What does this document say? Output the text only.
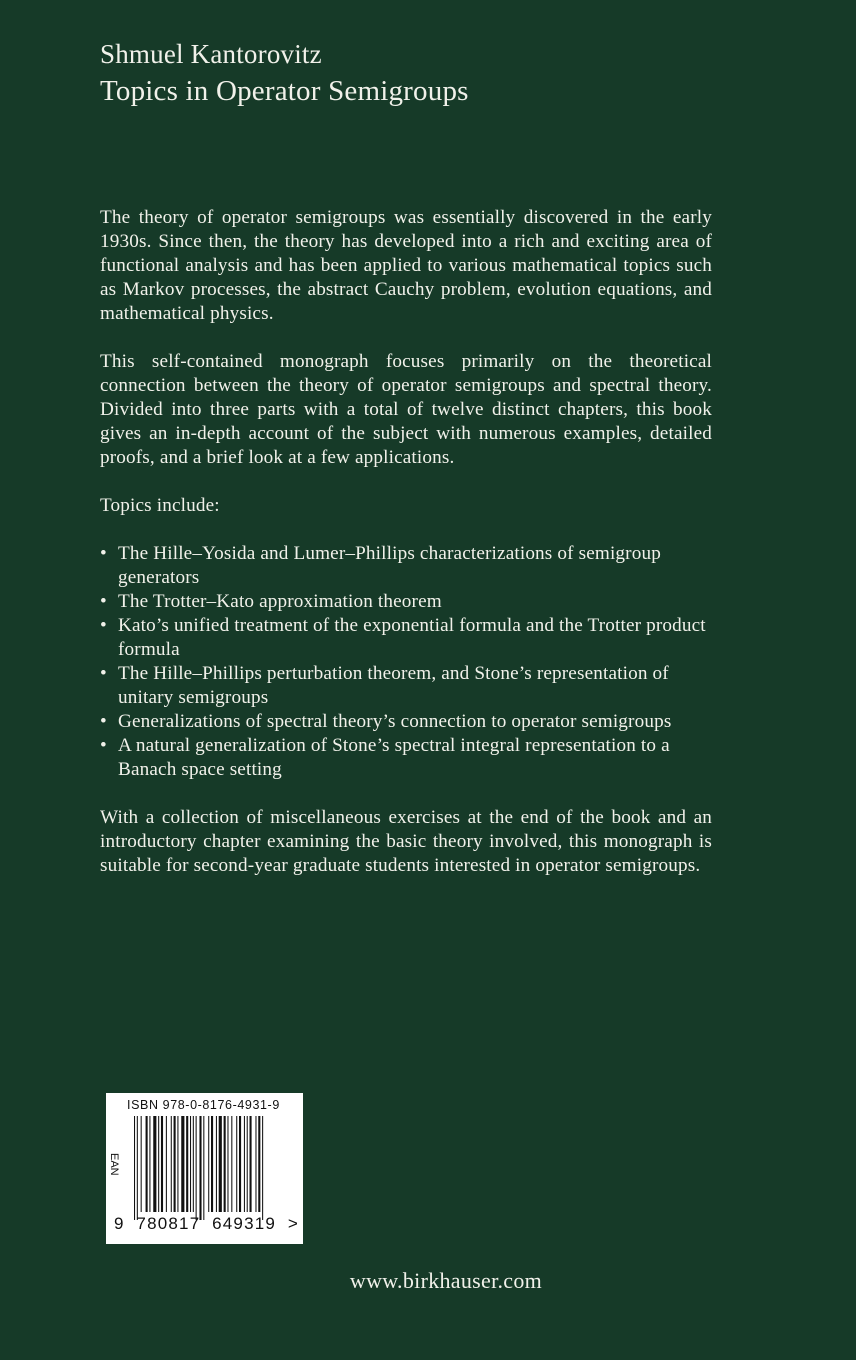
Shmuel Kantorovitz
Topics in Operator Semigroups

The theory of operator semigroups was essentially discovered in the early 1930s. Since then, the theory has developed into a rich and exciting area of functional analysis and has been applied to various mathematical topics such as Markov processes, the abstract Cauchy problem, evolution equations, and mathematical physics.

This self-contained monograph focuses primarily on the theoretical connection between the theory of operator semigroups and spectral theory. Divided into three parts with a total of twelve distinct chapters, this book gives an in-depth account of the subject with numerous examples, detailed proofs, and a brief look at a few applications.

Topics include:

• The Hille–Yosida and Lumer–Phillips characterizations of semigroup generators
• The Trotter–Kato approximation theorem
• Kato’s unified treatment of the exponential formula and the Trotter product formula
• The Hille–Phillips perturbation theorem, and Stone’s representation of unitary semigroups
• Generalizations of spectral theory’s connection to operator semigroups
• A natural generalization of Stone’s spectral integral representation to a Banach space setting

With a collection of miscellaneous exercises at the end of the book and an introductory chapter examining the basic theory involved, this monograph is suitable for second-year graduate students interested in operator semigroups.

ISBN 978-0-8176-4931-9
EAN
9 780817 649319 >
www.birkhauser.com
